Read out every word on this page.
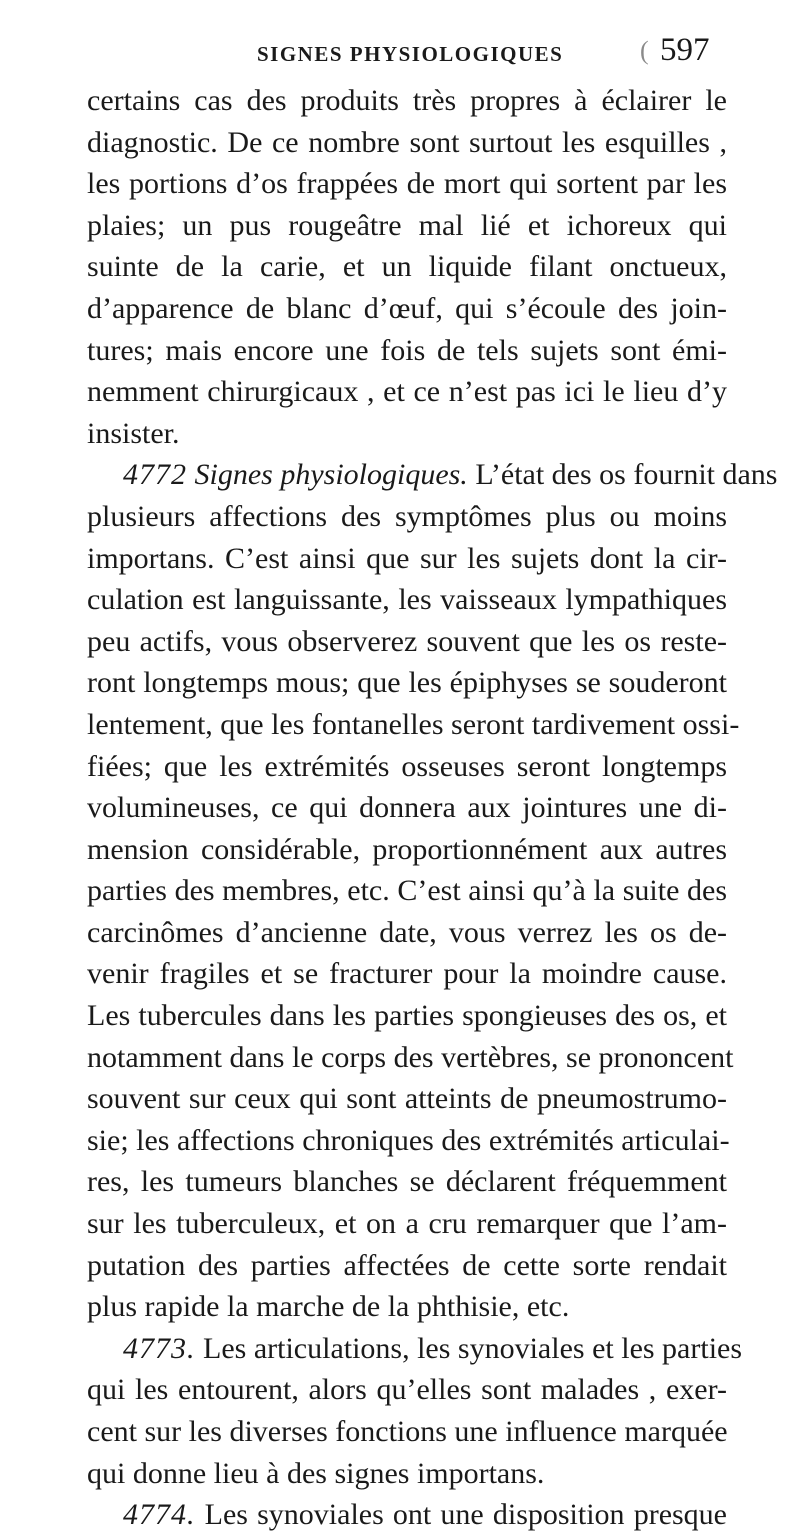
SIGNES PHYSIOLOGIQUES	( 597
certains cas des produits très propres à éclairer le
diagnostic. De ce nombre sont surtout les esquilles ,
les portions d’os frappées de mort qui sortent par les
plaies; un pus rougeâtre mal lié et ichoreux qui
suinte de la carie, et un liquide filant onctueux,
d’apparence de blanc d’œuf, qui s’écoule des join-
tures; mais encore une fois de tels sujets sont émi-
nemment chirurgicaux , et ce n’est pas ici le lieu d’y
insister.
4772 Signes physiologiques. L’état des os fournit dans
plusieurs affections des symptômes plus ou moins
importans. C’est ainsi que sur les sujets dont la cir-
culation est languissante, les vaisseaux lympathiques
peu actifs, vous observerez souvent que les os reste-
ront longtemps mous; que les épiphyses se souderont
lentement, que les fontanelles seront tardivement ossi-
fiées; que les extrémités osseuses seront longtemps
volumineuses, ce qui donnera aux jointures une di-
mension considérable, proportionnément aux autres
parties des membres, etc. C’est ainsi qu’à la suite des
carcinômes d’ancienne date, vous verrez les os de-
venir fragiles et se fracturer pour la moindre cause.
Les tubercules dans les parties spongieuses des os, et
notamment dans le corps des vertèbres, se prononcent
souvent sur ceux qui sont atteints de pneumostrumo-
sie; les affections chroniques des extrémités articulai-
res, les tumeurs blanches se déclarent fréquemment
sur les tuberculeux, et on a cru remarquer que l’am-
putation des parties affectées de cette sorte rendait
plus rapide la marche de la phthisie, etc.
4773. Les articulations, les synoviales et les parties
qui les entourent, alors qu’elles sont malades , exer-
cent sur les diverses fonctions une influence marquée
qui donne lieu à des signes importans.
4774. Les synoviales ont une disposition presque
